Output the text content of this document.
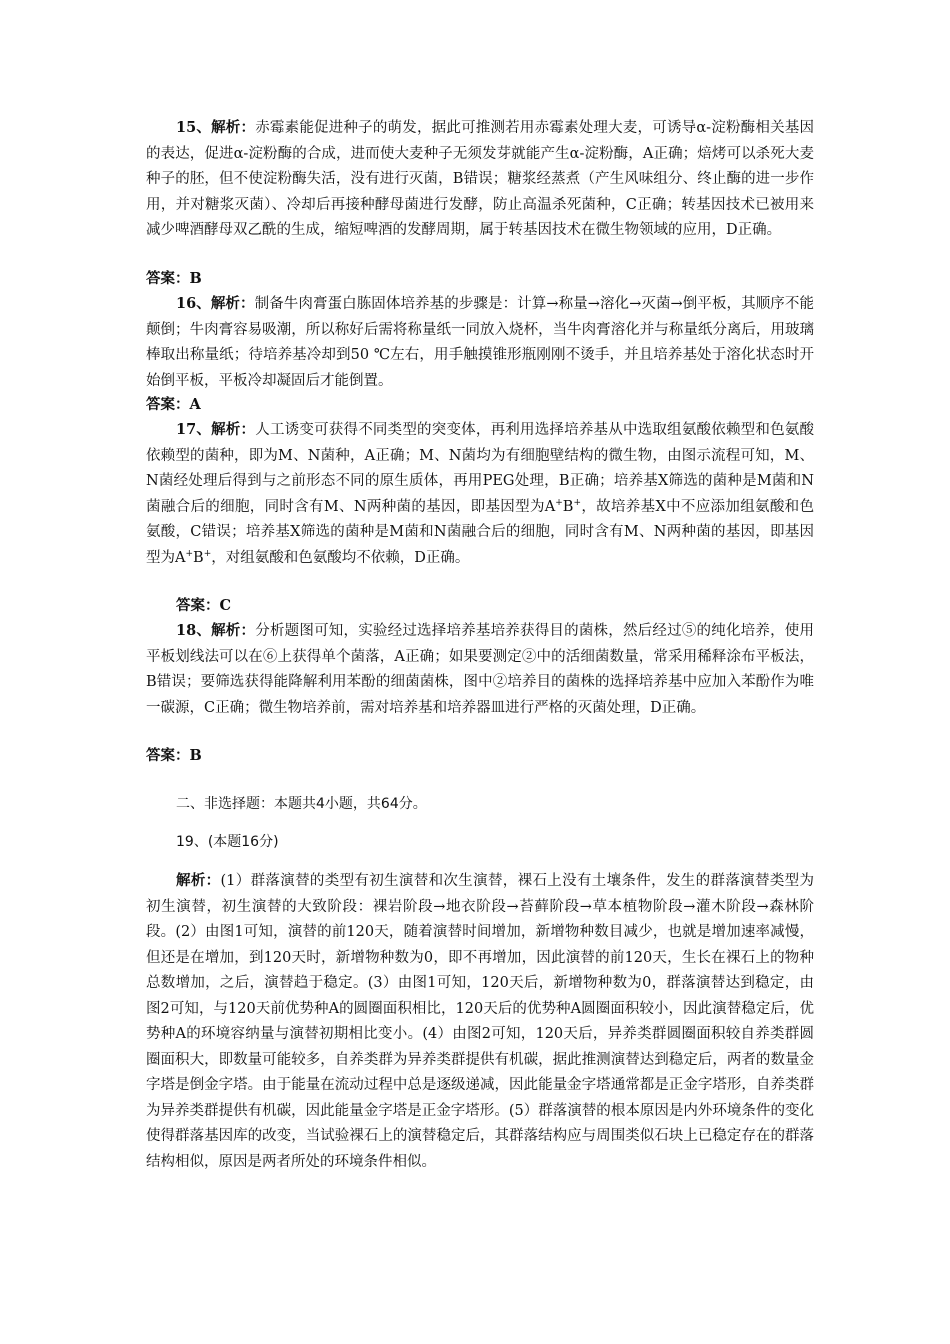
15、解析：赤霉素能促进种子的萌发，据此可推测若用赤霉素处理大麦，可诱导α-淀粉酶相关基因的表达，促进α-淀粉酶的合成，进而使大麦种子无须发芽就能产生α-淀粉酶，A正确；焙烤可以杀死大麦种子的胚，但不使淀粉酶失活，没有进行灭菌，B错误；糖浆经蒸煮（产生风味组分、终止酶的进一步作用，并对糖浆灭菌）、冷却后再接种酵母菌进行发酵，防止高温杀死菌种，C正确；转基因技术已被用来减少啤酒酵母双乙酰的生成，缩短啤酒的发酵周期，属于转基因技术在微生物领域的应用，D正确。

答案：B

16、解析：制备牛肉膏蛋白胨固体培养基的步骤是：计算→称量→溶化→灭菌→倒平板，其顺序不能颠倒；牛肉膏容易吸潮，所以称好后需将称量纸一同放入烧杯，当牛肉膏溶化并与称量纸分离后，用玻璃棒取出称量纸；待培养基冷却到50 ℃左右，用手触摸锥形瓶刚刚不烫手，并且培养基处于溶化状态时开始倒平板，平板冷却凝固后才能倒置。

答案：A

17、解析：人工诱变可获得不同类型的突变体，再利用选择培养基从中选取组氨酸依赖型和色氨酸依赖型的菌种，即为M、N菌种，A正确；M、N菌均为有细胞壁结构的微生物，由图示流程可知，M、N菌经处理后得到与之前形态不同的原生质体，再用PEG处理，B正确；培养基X筛选的菌种是M菌和N菌融合后的细胞，同时含有M、N两种菌的基因，即基因型为A+B+，故培养基X中不应添加组氨酸和色氨酸，C错误；培养基X筛选的菌种是M菌和N菌融合后的细胞，同时含有M、N两种菌的基因，即基因型为A+B+，对组氨酸和色氨酸均不依赖，D正确。

答案：C

18、解析：分析题图可知，实验经过选择培养基培养获得目的菌株，然后经过⑤的纯化培养，使用平板划线法可以在⑥上获得单个菌落，A正确；如果要测定②中的活细菌数量，常采用稀释涂布平板法，B错误；要筛选获得能降解利用苯酚的细菌菌株，图中②培养目的菌株的选择培养基中应加入苯酚作为唯一碳源，C正确；微生物培养前，需对培养基和培养器皿进行严格的灭菌处理，D正确。

答案：B

二、非选择题：本题共4小题，共64分。

19、(本题16分)

解析：(1）群落演替的类型有初生演替和次生演替，裸石上没有土壤条件，发生的群落演替类型为初生演替，初生演替的大致阶段：裸岩阶段→地衣阶段→苔藓阶段→草本植物阶段→灌木阶段→森林阶段。(2）由图1可知，演替的前120天，随着演替时间增加，新增物种数目减少，也就是增加速率减慢，但还是在增加，到120天时，新增物种数为0，即不再增加，因此演替的前120天，生长在裸石上的物种总数增加，之后，演替趋于稳定。(3）由图1可知，120天后，新增物种数为0，群落演替达到稳定，由图2可知，与120天前优势种A的圆圈面积相比，120天后的优势种A圆圈面积较小，因此演替稳定后，优势种A的环境容纳量与演替初期相比变小。(4）由图2可知，120天后，异养类群圆圈面积较自养类群圆圈面积大，即数量可能较多，自养类群为异养类群提供有机碳，据此推测演替达到稳定后，两者的数量金字塔是倒金字塔。由于能量在流动过程中总是逐级递减，因此能量金字塔通常都是正金字塔形，自养类群为异养类群提供有机碳，因此能量金字塔是正金字塔形。(5）群落演替的根本原因是内外环境条件的变化使得群落基因库的改变，当试验裸石上的演替稳定后，其群落结构应与周围类似石块上已稳定存在的群落结构相似，原因是两者所处的环境条件相似。
